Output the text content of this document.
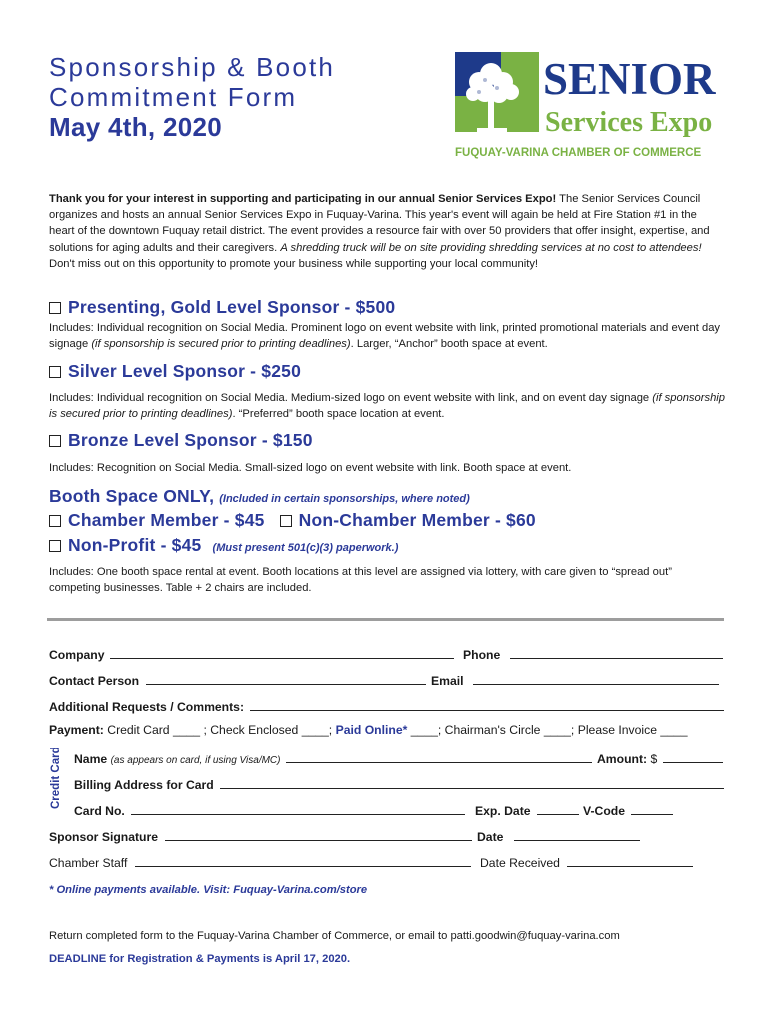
Sponsorship & Booth
Commitment Form
May 4th, 2020
SENIOR
Services Expo
FUQUAY-VARINA CHAMBER OF COMMERCE
Thank you for your interest in supporting and participating in our annual Senior Services Expo! The Senior Services Council organizes and hosts an annual Senior Services Expo in Fuquay-Varina. This year's event will again be held at Fire Station #1 in the heart of the downtown Fuquay retail district. The event provides a resource fair with over 50 providers that offer insight, expertise, and solutions for aging adults and their caregivers. A shredding truck will be on site providing shredding services at no cost to attendees! Don't miss out on this opportunity to promote your business while supporting your local community!
Presenting, Gold Level Sponsor - $500
Includes: Individual recognition on Social Media. Prominent logo on event website with link, printed promotional materials and event day signage (if sponsorship is secured prior to printing deadlines). Larger, “Anchor” booth space at event.
Silver Level Sponsor - $250
Includes: Individual recognition on Social Media. Medium-sized logo on event website with link, and on event day signage (if sponsorship is secured prior to printing deadlines). “Preferred” booth space location at event.
Bronze Level Sponsor - $150
Includes: Recognition on Social Media. Small-sized logo on event website with link. Booth space at event.
Booth Space ONLY, (Included in certain sponsorships, where noted)
Chamber Member - $45 Non-Chamber Member - $60
Non-Profit - $45 (Must present 501(c)(3) paperwork.)
Includes: One booth space rental at event. Booth locations at this level are assigned via lottery, with care given to “spread out” competing businesses. Table + 2 chairs are included.
Company	Phone
Contact Person	Email
Additional Requests / Comments:
Payment: Credit Card ____ ; Check Enclosed ____; Paid Online* ____; Chairman's Circle ____; Please Invoice ____
Credit Card Name (as appears on card, if using Visa/MC)	Amount: $
Billing Address for Card
Card No.	Exp. Date	V-Code
Sponsor Signature	Date
Chamber Staff	Date Received
* Online payments available. Visit: Fuquay-Varina.com/store
Return completed form to the Fuquay-Varina Chamber of Commerce, or email to patti.goodwin@fuquay-varina.com
DEADLINE for Registration & Payments is April 17, 2020.
